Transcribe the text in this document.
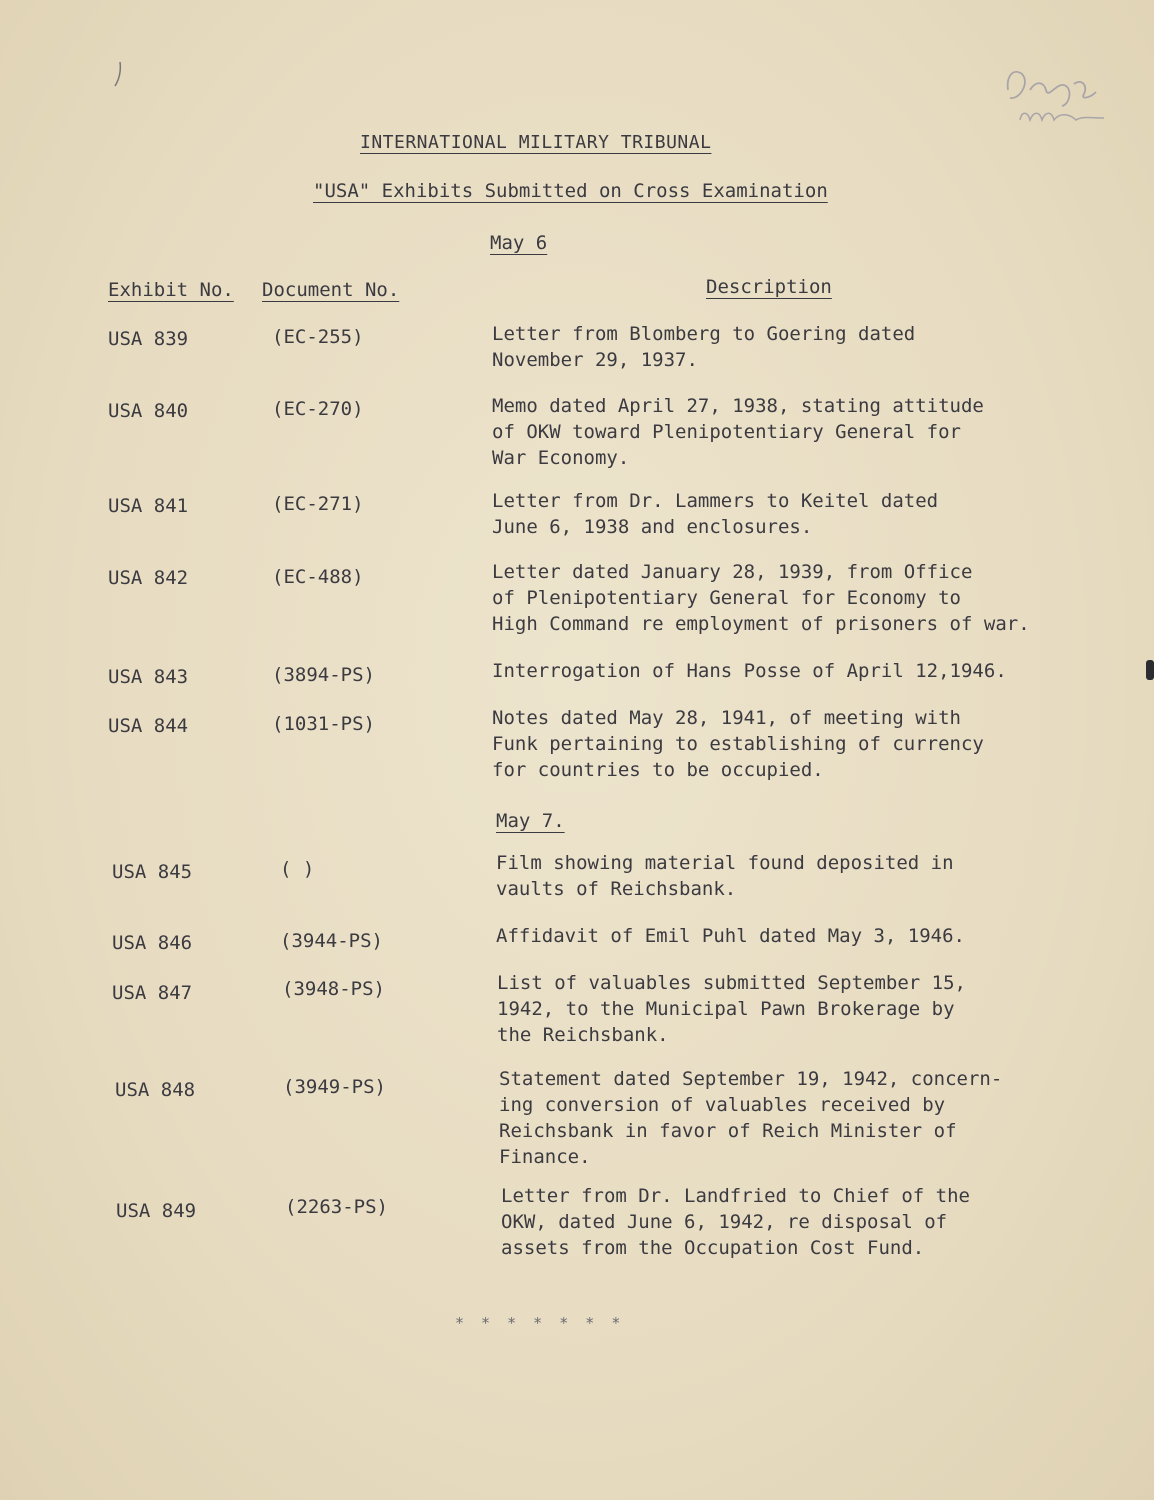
INTERNATIONAL MILITARY TRIBUNAL
"USA" Exhibits Submitted on Cross Examination
May 6
Exhibit No. Document No.	Description
USA 839	(EC-255)	Letter from Blomberg to Goering dated
November 29, 1937.
USA 840	(EC-270)	Memo dated April 27, 1938, stating attitude
of OKW toward Plenipotentiary General for
War Economy.
USA 841	(EC-271)	Letter from Dr. Lammers to Keitel dated
June 6, 1938 and enclosures.
USA 842	(EC-488)	Letter dated January 28, 1939, from Office
of Plenipotentiary General for Economy to
High Command re employment of prisoners of war.
USA 843	(3894-PS)	Interrogation of Hans Posse of April 12,1946.
USA 844	(1031-PS)	Notes dated May 28, 1941, of meeting with
Funk pertaining to establishing of currency
for countries to be occupied.
May 7.
USA 845	( )	Film showing material found deposited in
vaults of Reichsbank.
USA 846	(3944-PS)	Affidavit of Emil Puhl dated May 3, 1946.
USA 847	(3948-PS)	List of valuables submitted September 15,
1942, to the Municipal Pawn Brokerage by
the Reichsbank.
USA 848	(3949-PS)	Statement dated September 19, 1942, concern-
ing conversion of valuables received by
Reichsbank in favor of Reich Minister of
Finance.
USA 849	(2263-PS)	Letter from Dr. Landfried to Chief of the
OKW, dated June 6, 1942, re disposal of
assets from the Occupation Cost Fund.
* * * * * * *
